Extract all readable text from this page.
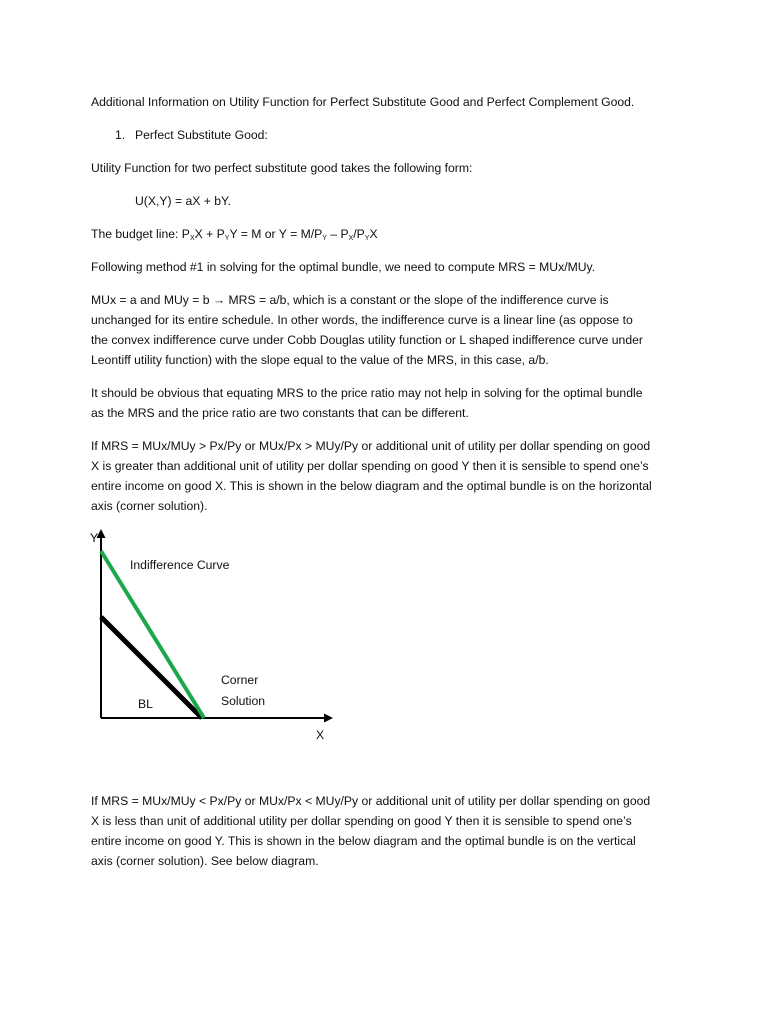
Additional Information on Utility Function for Perfect Substitute Good and Perfect Complement Good.
1. Perfect Substitute Good:
Utility Function for two perfect substitute good takes the following form:
U(X,Y) = aX + bY.
The budget line: $P_XX + P_YY = M$ or $Y = M/P_Y - P_X/P_YX$
Following method #1 in solving for the optimal bundle, we need to compute MRS = MUx/MUy.
MUx = a and MUy = b → MRS = a/b, which is a constant or the slope of the indifference curve is
unchanged for its entire schedule. In other words, the indifference curve is a linear line (as oppose to
the convex indifference curve under Cobb Douglas utility function or L shaped indifference curve under
Leontiff utility function) with the slope equal to the value of the MRS, in this case, a/b.
It should be obvious that equating MRS to the price ratio may not help in solving for the optimal bundle
as the MRS and the price ratio are two constants that can be different.
If MRS = MUx/MUy > Px/Py or MUx/Px > MUy/Py or additional unit of utility per dollar spending on good
X is greater than additional unit of utility per dollar spending on good Y then it is sensible to spend one’s
entire income on good X. This is shown in the below diagram and the optimal bundle is on the horizontal
axis (corner solution).
Y
X
Indifference Curve
BL
Corner
Solution
If MRS = MUx/MUy < Px/Py or MUx/Px < MUy/Py or additional unit of utility per dollar spending on good
X is less than unit of additional utility per dollar spending on good Y then it is sensible to spend one’s
entire income on good Y. This is shown in the below diagram and the optimal bundle is on the vertical
axis (corner solution). See below diagram.
